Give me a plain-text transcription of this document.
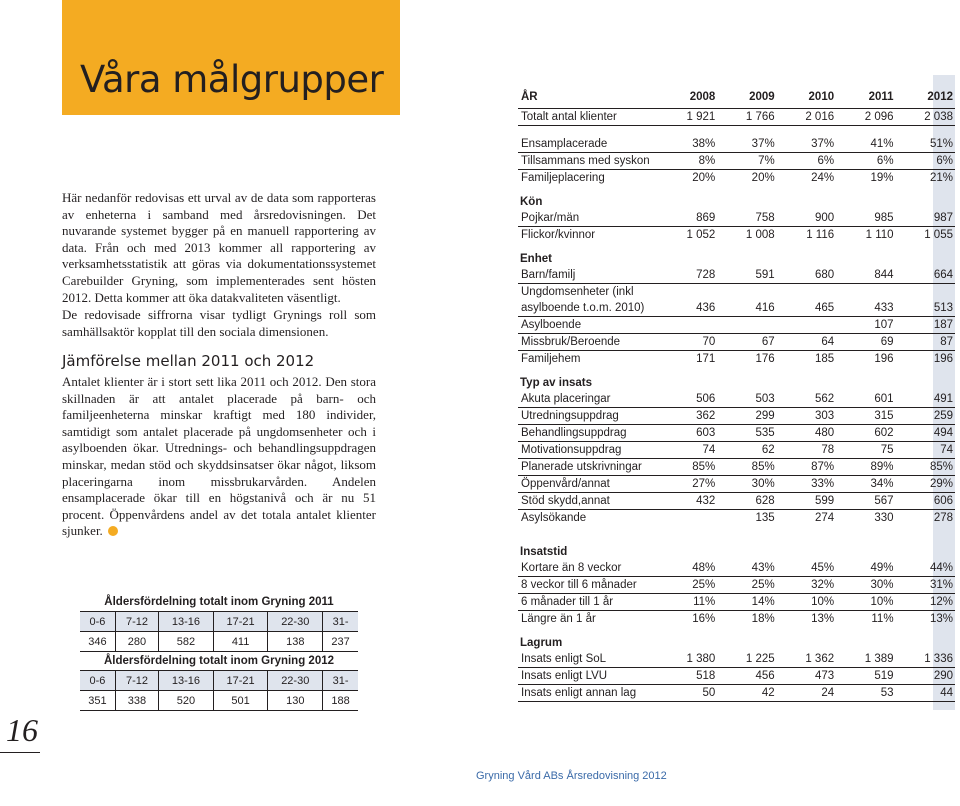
Våra målgrupper

Här nedanför redovisas ett urval av de data som rapporteras av enheterna i samband med årsredovisningen. Det nuvarande systemet bygger på en manuell rapportering av data. Från och med 2013 kommer all rapportering av verksamhetsstatistik att göras via dokumentationssystemet Carebuilder Gryning, som implementerades sent hösten 2012. Detta kommer att öka datakvaliteten väsentligt.

De redovisade siffrorna visar tydligt Grynings roll som samhällsaktör kopplat till den sociala dimensionen.

Jämförelse mellan 2011 och 2012

Antalet klienter är i stort sett lika 2011 och 2012. Den stora skillnaden är att antalet placerade på barn- och familjeenheterna minskar kraftigt med 180 individer, samtidigt som antalet placerade på ungdomsenheter och i asylboenden ökar. Utrednings- och behandlingsuppdragen minskar, medan stöd och skyddsinsatser ökar något, liksom placeringarna inom missbrukarvården. Andelen ensamplacerade ökar till en högstanivå och är nu 51 procent. Öppenvårdens andel av det totala antalet klienter sjunker.

Åldersfördelning totalt inom Gryning 2011
0-6	7-12	13-16	17-21	22-30	31-
346	280	582	411	138	237
Åldersfördelning totalt inom Gryning 2012
0-6	7-12	13-16	17-21	22-30	31-
351	338	520	501	130	188
16
Gryning Vård ABs Årsredovisning 2012
ÅR	2008	2009	2010	2011	2012
Totalt antal klienter	1 921	1 766	2 016	2 096	2 038

Ensamplacerade	38%	37%	37%	41%	51%
Tillsammans med syskon	8%	7%	6%	6%	6%
Familjeplacering	20%	20%	24%	19%	21%
Kön					
Pojkar/män	869	758	900	985	987
Flickor/kvinnor	1 052	1 008	1 116	1 110	1 055
Enhet					
Barn/familj	728	591	680	844	664
Ungdomsenheter (inkl					
asylboende t.o.m. 2010)	436	416	465	433	513
Asylboende				107	187
Missbruk/Beroende	70	67	64	69	87
Familjehem	171	176	185	196	196
Typ av insats					
Akuta placeringar	506	503	562	601	491
Utredningsuppdrag	362	299	303	315	259
Behandlingsuppdrag	603	535	480	602	494
Motivationsuppdrag	74	62	78	75	74
Planerade utskrivningar	85%	85%	87%	89%	85%
Öppenvård/annat	27%	30%	33%	34%	29%
Stöd skydd,annat	432	628	599	567	606
Asylsökande		135	274	330	278

Insatstid					
Kortare än 8 veckor	48%	43%	45%	49%	44%
8 veckor till 6 månader	25%	25%	32%	30%	31%
6 månader till 1 år	11%	14%	10%	10%	12%
Längre än 1 år	16%	18%	13%	11%	13%
Lagrum					
Insats enligt SoL	1 380	1 225	1 362	1 389	1 336
Insats enligt LVU	518	456	473	519	290
Insats enligt annan lag	50	42	24	53	44
